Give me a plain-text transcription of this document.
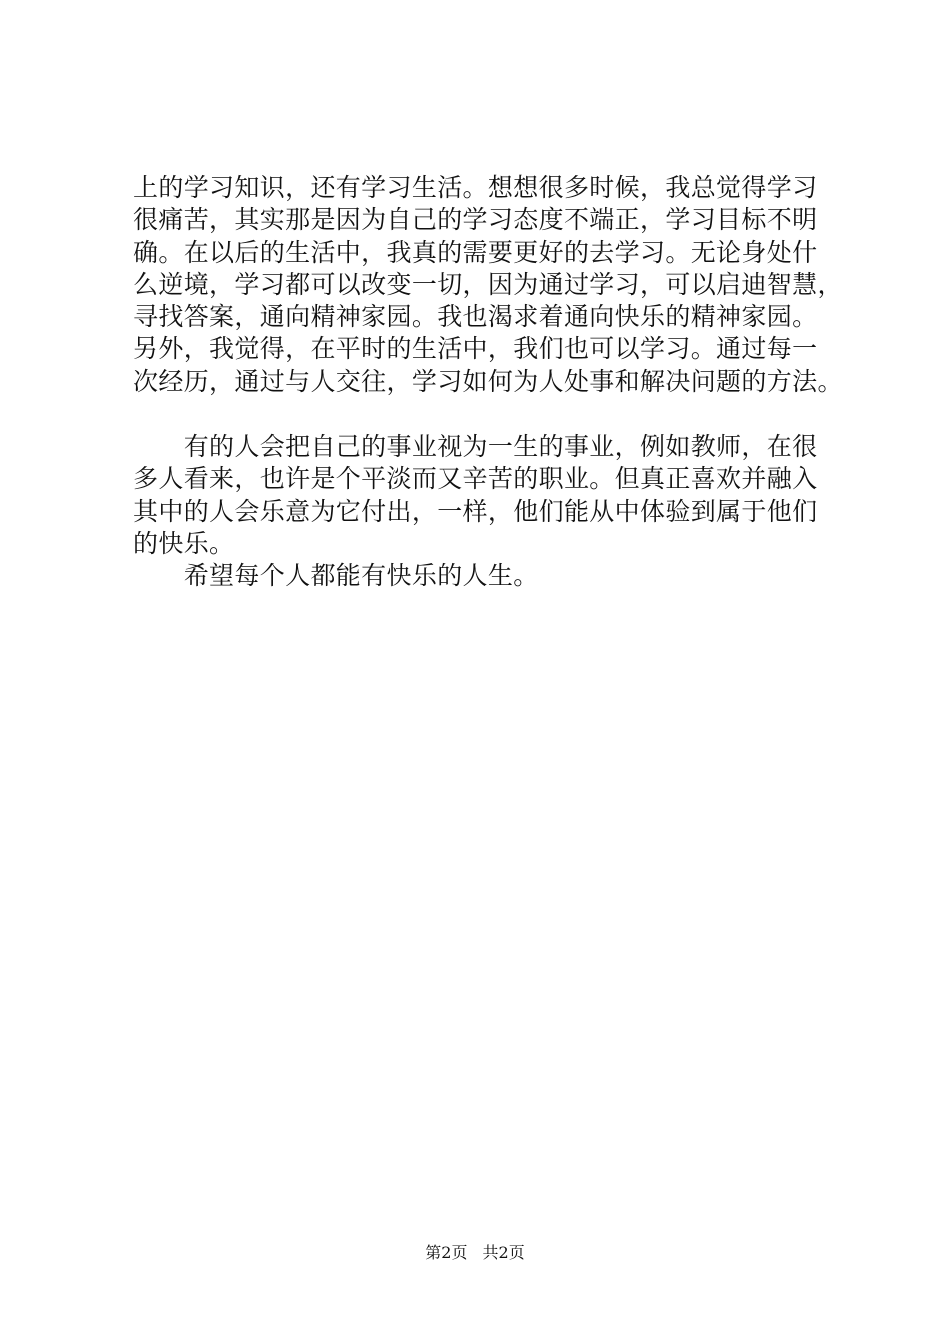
上的学习知识，还有学习生活。想想很多时候，我总觉得学习
很痛苦，其实那是因为自己的学习态度不端正，学习目标不明
确。在以后的生活中，我真的需要更好的去学习。无论身处什
么逆境，学习都可以改变一切，因为通过学习，可以启迪智慧，
寻找答案，通向精神家园。我也渴求着通向快乐的精神家园。
另外，我觉得，在平时的生活中，我们也可以学习。通过每一
次经历，通过与人交往，学习如何为人处事和解决问题的方法。
　　有的人会把自己的事业视为一生的事业，例如教师，在很
多人看来，也许是个平淡而又辛苦的职业。但真正喜欢并融入
其中的人会乐意为它付出，一样，他们能从中体验到属于他们
的快乐。
　　希望每个人都能有快乐的人生。
第2页 共2页
